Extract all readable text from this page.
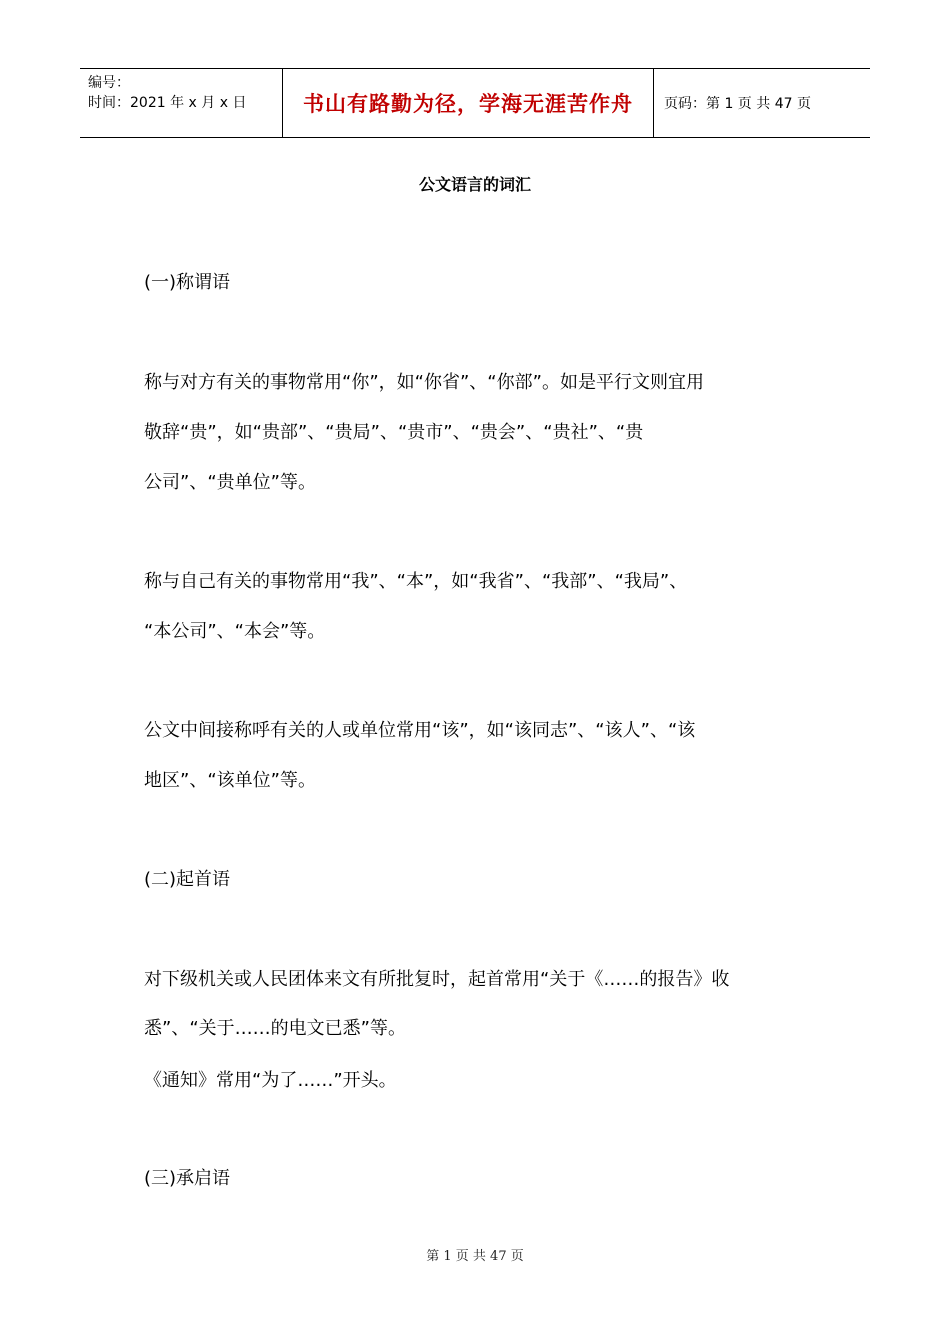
编号：
时间：2021 年 x 月 x 日	书山有路勤为径，学海无涯苦作舟 页码：第 1 页 共 47 页
公文语言的词汇
(一)称谓语
称与对方有关的事物常用“你”，如“你省”、“你部”。如是平行文则宜用
敬辞“贵”，如“贵部”、“贵局”、“贵市”、“贵会”、“贵社”、“贵
公司”、“贵单位”等。
称与自己有关的事物常用“我”、“本”，如“我省”、“我部”、“我局”、
“本公司”、“本会”等。
公文中间接称呼有关的人或单位常用“该”，如“该同志”、“该人”、“该
地区”、“该单位”等。
(二)起首语
对下级机关或人民团体来文有所批复时，起首常用“关于《……的报告》收
悉”、“关于……的电文已悉”等。
《通知》常用“为了……”开头。
(三)承启语
第 1 页 共 47 页
